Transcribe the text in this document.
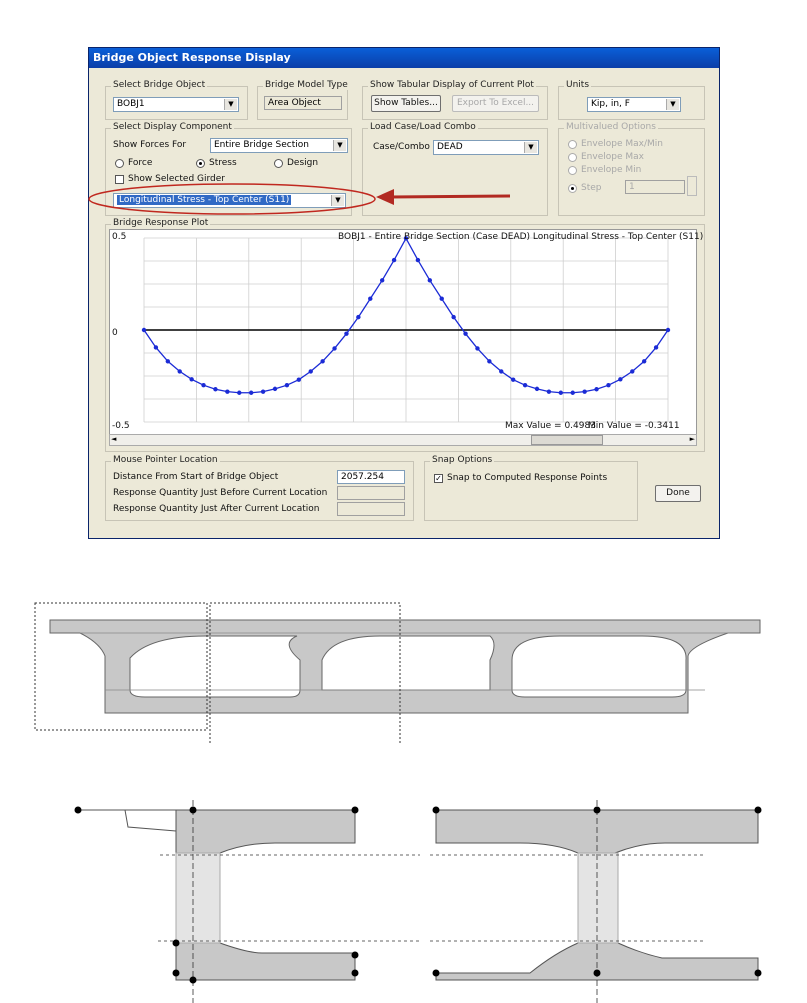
Bridge Object Response Display
Select Bridge Object
BOBJ1	▼
Bridge Model Type
Area Object
Show Tabular Display of Current Plot
Show Tables...	Export To Excel...
Units
Kip, in, F	▼
Select Display Component
Show Forces For	Entire Bridge Section	▼
Force	Stress	Design
Show Selected Girder
Longitudinal Stress - Top Center (S11)	▼
Load Case/Load Combo
Case/Combo DEAD	▼
Multivalued Options
Envelope Max/Min
Envelope Max
Envelope Min
Step	1
Bridge Response Plot
0.5
0
-0.5
BOBJ1 - Entire Bridge Section (Case DEAD) Longitudinal Stress - Top Center (S11)
Max Value = 0.4983
Min Value = -0.3411
◄	►
Mouse Pointer Location
Distance From Start of Bridge Object	2057.254
Response Quantity Just Before Current Location
Response Quantity Just After Current Location
Snap Options
✓ Snap to Computed Response Points
Done
